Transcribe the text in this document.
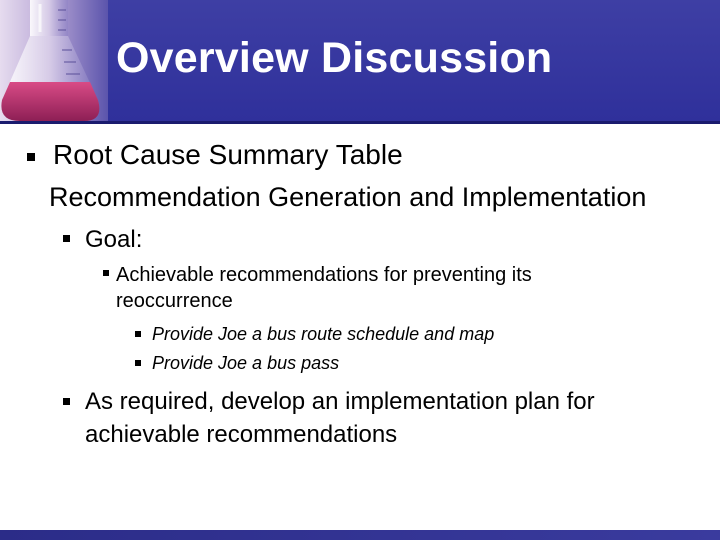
Overview Discussion
Root Cause Summary Table
Recommendation Generation and Implementation
Goal:
Achievable recommendations for preventing its
reoccurrence
Provide Joe a bus route schedule and map
Provide Joe a bus pass
As required, develop an implementation plan for
achievable recommendations
